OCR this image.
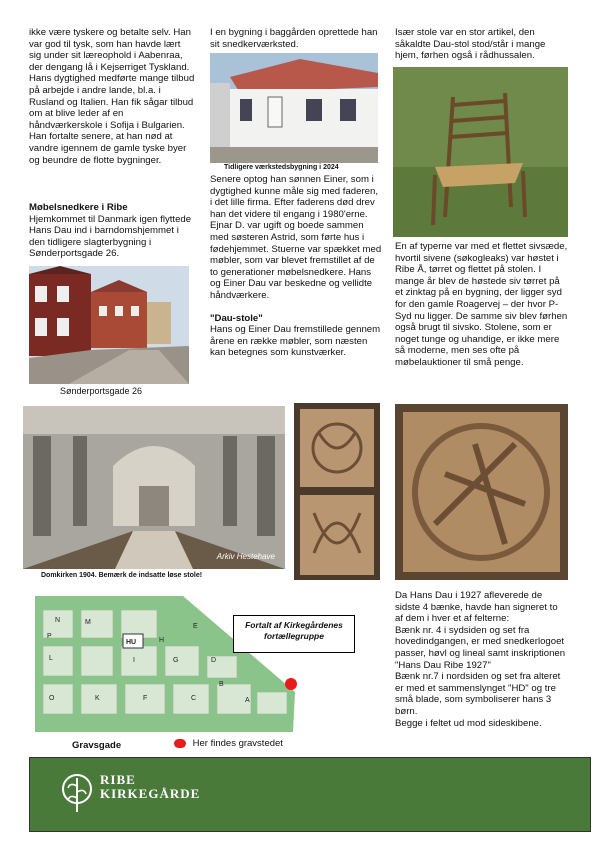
ikke være tyskere og betalte selv. Han var god til tysk, som han havde lært sig under sit læreophold i Aabenraa, der dengang lå i Kejserriget Tyskland. Hans dygtighed medførte mange tilbud på arbejde i andre lande, bl.a. i Rusland og Italien. Han fik sågar tilbud om at blive leder af en håndværkerskole i Sofija i Bulgarien. Han fortalte senere, at han nød at vandre igennem de gamle tyske byer og beundre de flotte bygninger.

Møbelsnedkere i Ribe

Hjemkommet til Danmark igen flyttede Hans Dau ind i barndomshjemmet i den tidligere slagterbygning i Sønderportsgade 26.

Sønderportsgade 26

I en bygning i baggården oprettede han sit snedkerværksted.

Tidligere værkstedsbygning i 2024

Senere optog han sønnen Einer, som i dygtighed kunne måle sig med faderen, i det lille firma. Efter faderens død drev han det videre til engang i 1980'erne. Ejnar D. var ugift og boede sammen med søsteren Astrid, som førte hus i fødehjemmet. Stuerne var spækket med møbler, som var blevet fremstillet af de to generationer møbelsnedkere. Hans og Einer Dau var beskedne og vellidte håndværkere.

"Dau-stole"

Hans og Einer Dau fremstillede gennem årene en række møbler, som næsten kan betegnes som kunstværker.

Især stole var en stor artikel, den såkaldte Dau-stol stod/står i mange hjem, førhen også i rådhussalen.

En af typerne var med et flettet sivsæde, hvortil sivene (søkogleaks) var høstet i Ribe Å, tørret og flettet på stolen. I mange år blev de høstede siv tørret på et zinktag på en bygning, der ligger syd for den gamle Roagervej – der hvor P-Syd nu ligger. De samme siv blev førhen også brugt til sivsko. Stolene, som er noget tunge og uhandige, er ikke mere så moderne, men ses ofte på møbelauktioner til små penge.

Arkiv Hestehave
Domkirken 1904. Bemærk de indsatte løse stole!

Da Hans Dau i 1927 afleverede de sidste 4 bænke, havde han signeret to af dem i hver et af felterne:

Bænk nr. 4 i sydsiden og set fra hovedindgangen, er med snedkerlogoet passer, høvl og lineal samt inskriptionen "Hans Dau Ribe 1927"

Bænk nr.7 i nordsiden og set fra alteret er med et sammenslynget "HD" og tre små blade, som symboliserer hans 3 børn.

Begge i feltet ud mod sideskibene.

P
N	M
HU	H
E
L	I	G	D
B
O	K	F	C	A
Fortalt af Kirkegårdenes
fortællegruppe
Gravsgade	Her findes gravstedet
RIBE
KIRKEGÅRDE
